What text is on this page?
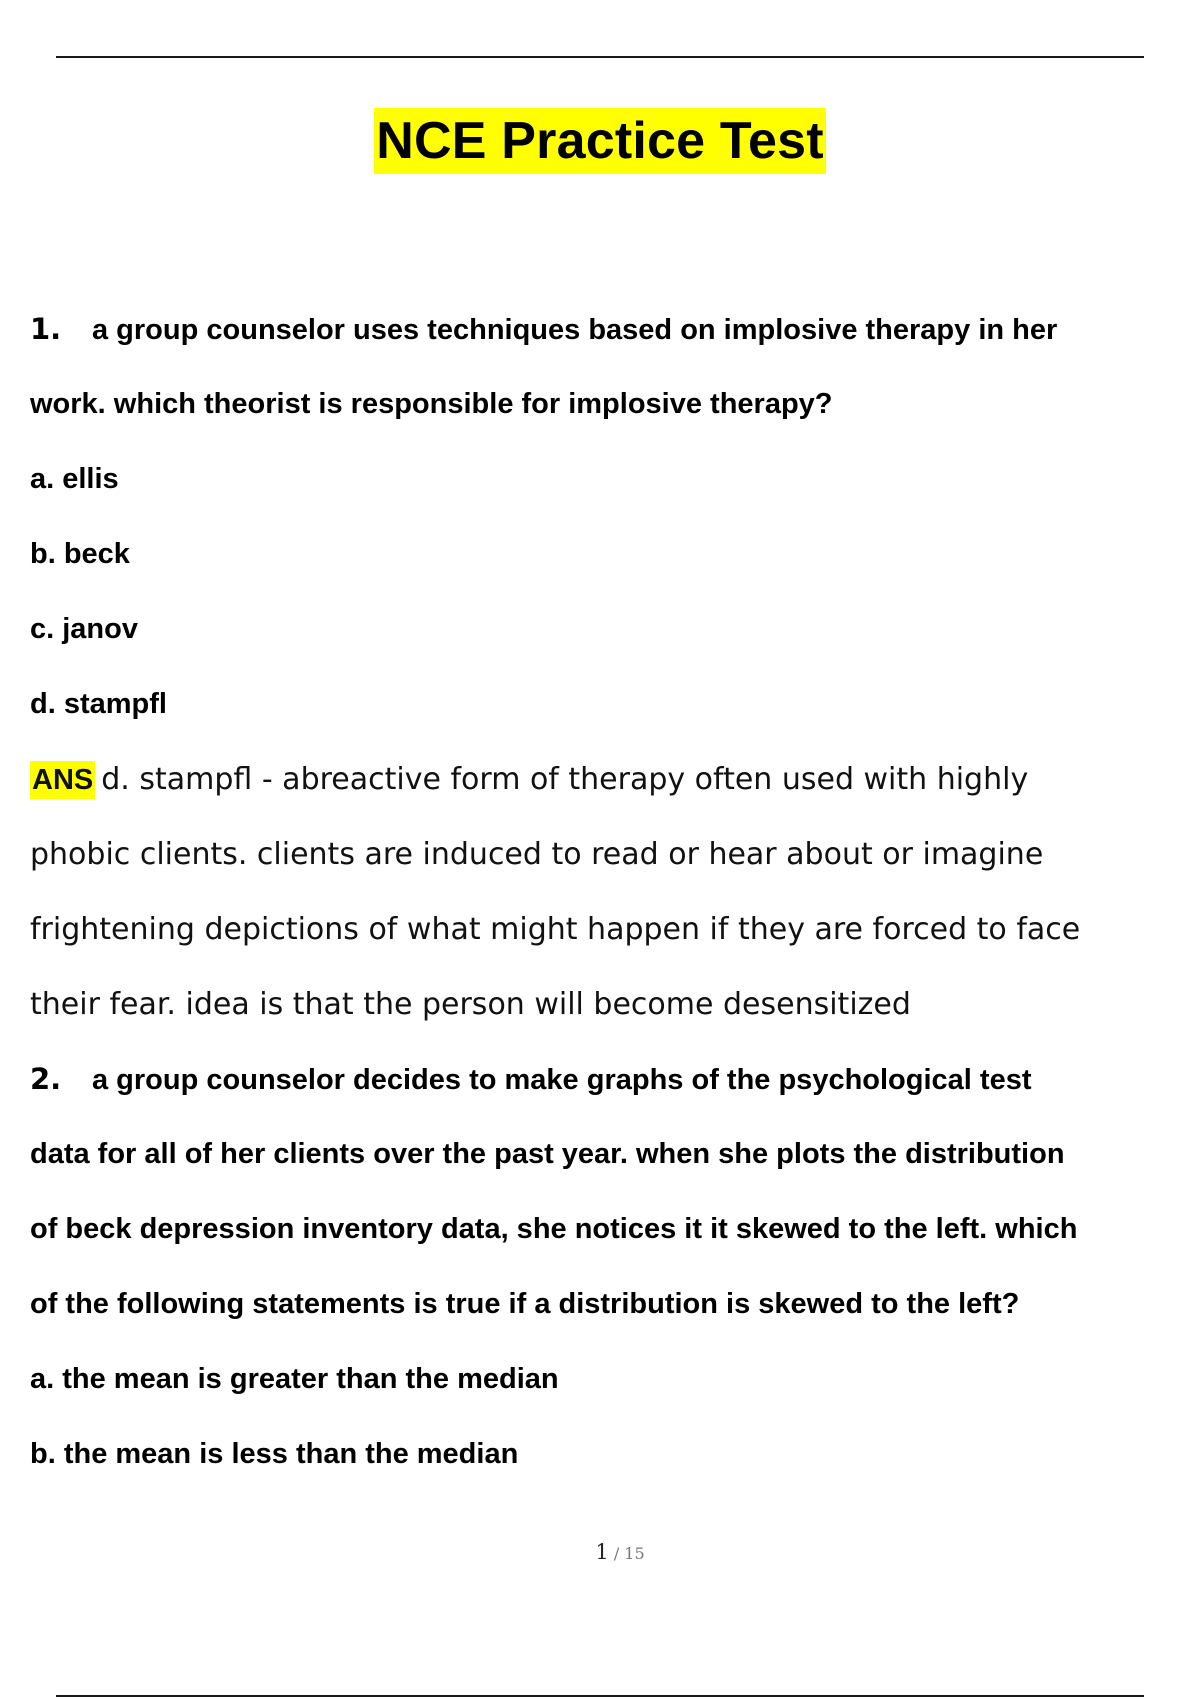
NCE Practice Test
1. a group counselor uses techniques based on implosive therapy in her
work. which theorist is responsible for implosive therapy?
a. ellis
b. beck
c. janov
d. stampfl
ANS d. stampfl - abreactive form of therapy often used with highly
phobic clients. clients are induced to read or hear about or imagine
frightening depictions of what might happen if they are forced to face
their fear. idea is that the person will become desensitized
2. a group counselor decides to make graphs of the psychological test
data for all of her clients over the past year. when she plots the distribution
of beck depression inventory data, she notices it it skewed to the left. which
of the following statements is true if a distribution is skewed to the left?
a. the mean is greater than the median
b. the mean is less than the median
1 / 15
